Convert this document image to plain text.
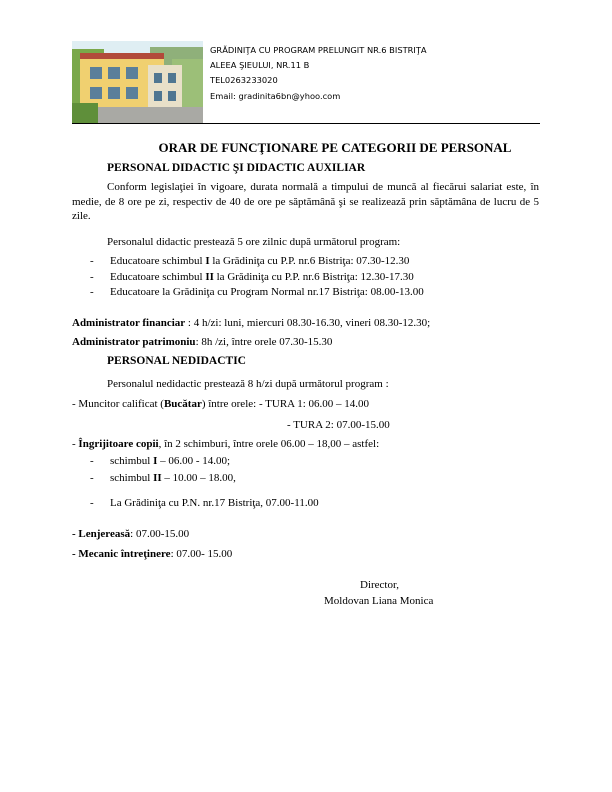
GRĂDINIŢA CU PROGRAM PRELUNGIT NR.6 BISTRIŢA
ALEEA ŞIEULUI, NR.11 B
TEL0263233020
Email: gradinita6bn@yhoo.com
ORAR DE FUNCŢIONARE PE CATEGORII DE PERSONAL
PERSONAL DIDACTIC ŞI DIDACTIC AUXILIAR
Conform legislaţiei în vigoare, durata normală a timpului de muncă al fiecărui salariat este, în medie, de 8 ore pe zi, respectiv de 40 de ore pe săptămână şi se realizează prin săptămâna de lucru de 5 zile.
Personalul didactic prestează 5 ore zilnic după următorul program:
- Educatoare schimbul I la Grădiniţa cu P.P. nr.6 Bistriţa: 07.30-12.30
- Educatoare schimbul II la Grădiniţa cu P.P. nr.6 Bistriţa: 12.30-17.30
- Educatoare la Grădiniţa cu Program Normal nr.17 Bistriţa: 08.00-13.00
Administrator financiar : 4 h/zi: luni, miercuri 08.30-16.30, vineri 08.30-12.30;
Administrator patrimoniu: 8h /zi, între orele 07.30-15.30
PERSONAL NEDIDACTIC
Personalul nedidactic prestează 8 h/zi după următorul program :
- Muncitor calificat (Bucătar) între orele: - TURA 1: 06.00 – 14.00
- TURA 2: 07.00-15.00
- Îngrijitoare copii, în 2 schimburi, între orele 06.00 – 18,00 – astfel:
- schimbul I – 06.00 - 14.00;
- schimbul II – 10.00 – 18.00,
- La Grădiniţa cu P.N. nr.17 Bistriţa, 07.00-11.00
- Lenjereasă: 07.00-15.00
- Mecanic întreţinere: 07.00- 15.00
Director,
Moldovan Liana Monica
